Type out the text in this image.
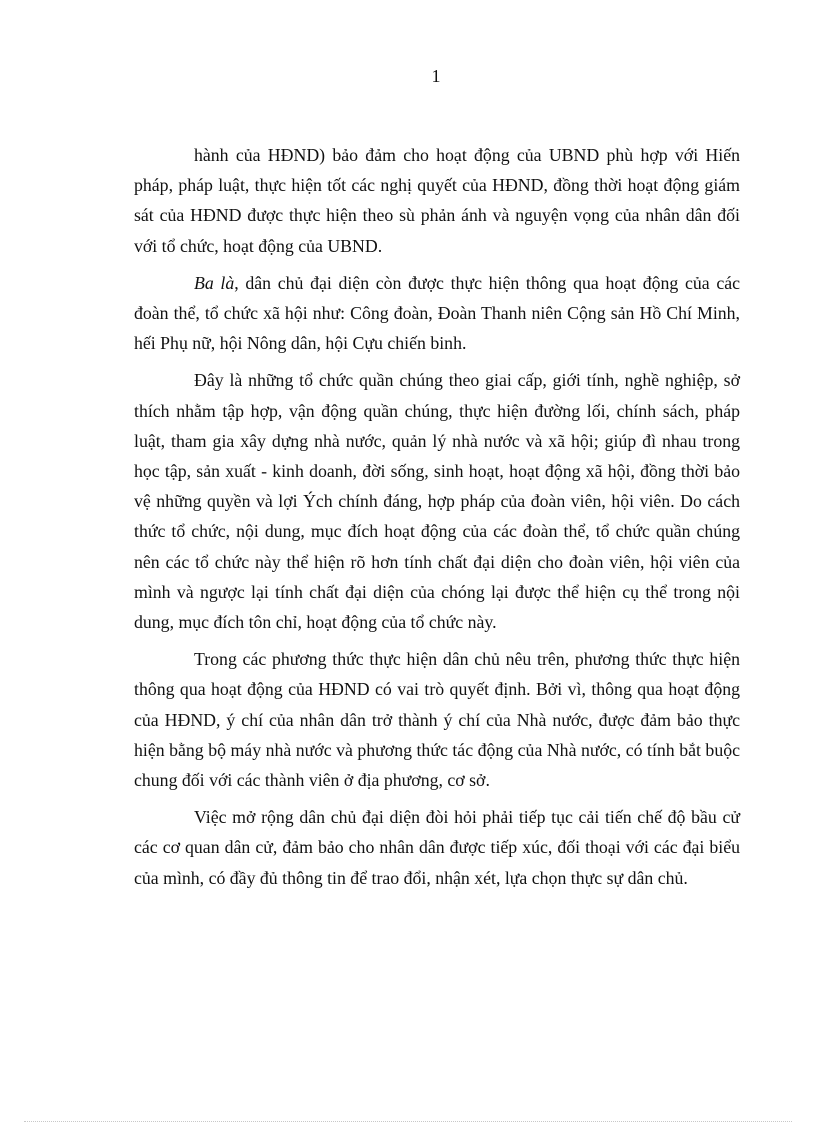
1

hành của HĐND) bảo đảm cho hoạt động của UBND phù hợp với Hiến pháp, pháp luật, thực hiện tốt các nghị quyết của HĐND, đồng thời hoạt động giám sát của HĐND được thực hiện theo sù phản ánh và nguyện vọng của nhân dân đối với tổ chức, hoạt động của UBND.

Ba là, dân chủ đại diện còn được thực hiện thông qua hoạt động của các đoàn thể, tổ chức xã hội như: Công đoàn, Đoàn Thanh niên Cộng sản Hồ Chí Minh, hếi Phụ nữ, hội Nông dân, hội Cựu chiến binh.

Đây là những tổ chức quần chúng theo giai cấp, giới tính, nghề nghiệp, sở thích nhằm tập hợp, vận động quần chúng, thực hiện đường lối, chính sách, pháp luật, tham gia xây dựng nhà nước, quản lý nhà nước và xã hội; giúp đì nhau trong học tập, sản xuất - kinh doanh, đời sống, sinh hoạt, hoạt động xã hội, đồng thời bảo vệ những quyền và lợi Ých chính đáng, hợp pháp của đoàn viên, hội viên. Do cách thức tổ chức, nội dung, mục đích hoạt động của các đoàn thể, tổ chức quần chúng nên các tổ chức này thể hiện rõ hơn tính chất đại diện cho đoàn viên, hội viên của mình và ngược lại tính chất đại diện của chóng lại được thể hiện cụ thể trong nội dung, mục đích tôn chỉ, hoạt động của tổ chức này.

Trong các phương thức thực hiện dân chủ nêu trên, phương thức thực hiện thông qua hoạt động của HĐND có vai trò quyết định. Bởi vì, thông qua hoạt động của HĐND, ý chí của nhân dân trở thành ý chí của Nhà nước, được đảm bảo thực hiện bằng bộ máy nhà nước và phương thức tác động của Nhà nước, có tính bắt buộc chung đối với các thành viên ở địa phương, cơ sở.

Việc mở rộng dân chủ đại diện đòi hỏi phải tiếp tục cải tiến chế độ bầu cử các cơ quan dân cử, đảm bảo cho nhân dân được tiếp xúc, đối thoại với các đại biểu của mình, có đầy đủ thông tin để trao đổi, nhận xét, lựa chọn thực sự dân chủ.
